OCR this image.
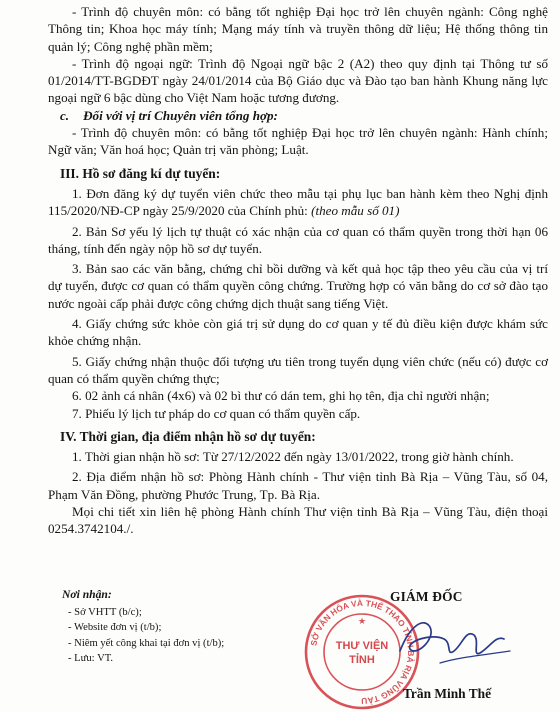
- Trình độ chuyên môn: có bằng tốt nghiệp Đại học trở lên chuyên ngành: Công nghệ Thông tin; Khoa học máy tính; Mạng máy tính và truyền thông dữ liệu; Hệ thống thông tin quản lý; Công nghệ phần mềm;

- Trình độ ngoại ngữ: Trình độ Ngoại ngữ bậc 2 (A2) theo quy định tại Thông tư số 01/2014/TT-BGDĐT ngày 24/01/2014 của Bộ Giáo dục và Đào tạo ban hành Khung năng lực ngoại ngữ 6 bậc dùng cho Việt Nam hoặc tương đương.

c. Đối với vị trí Chuyên viên tổng hợp:

- Trình độ chuyên môn: có bằng tốt nghiệp Đại học trở lên chuyên ngành: Hành chính; Ngữ văn; Văn hoá học; Quản trị văn phòng; Luật.

III. Hồ sơ đăng kí dự tuyển:

1. Đơn đăng ký dự tuyển viên chức theo mẫu tại phụ lục ban hành kèm theo Nghị định 115/2020/NĐ-CP ngày 25/9/2020 của Chính phủ: (theo mẫu số 01)

2. Bản Sơ yếu lý lịch tự thuật có xác nhận của cơ quan có thẩm quyền trong thời hạn 06 tháng, tính đến ngày nộp hồ sơ dự tuyển.

3. Bản sao các văn bằng, chứng chỉ bồi dưỡng và kết quả học tập theo yêu cầu của vị trí dự tuyển, được cơ quan có thẩm quyền công chứng. Trường hợp có văn bằng do cơ sở đào tạo nước ngoài cấp phải được công chứng dịch thuật sang tiếng Việt.

4. Giấy chứng sức khỏe còn giá trị sử dụng do cơ quan y tế đủ điều kiện được khám sức khỏe chứng nhận.

5. Giấy chứng nhận thuộc đối tượng ưu tiên trong tuyển dụng viên chức (nếu có) được cơ quan có thẩm quyền chứng thực;

6. 02 ảnh cá nhân (4x6) và 02 bì thư có dán tem, ghi họ tên, địa chỉ người nhận;

7. Phiếu lý lịch tư pháp do cơ quan có thẩm quyền cấp.

IV. Thời gian, địa điểm nhận hồ sơ dự tuyển:

1. Thời gian nhận hồ sơ: Từ 27/12/2022 đến ngày 13/01/2022, trong giờ hành chính.

2. Địa điểm nhận hồ sơ: Phòng Hành chính - Thư viện tỉnh Bà Rịa – Vũng Tàu, số 04, Phạm Văn Đồng, phường Phước Trung, Tp. Bà Rịa.

Mọi chi tiết xin liên hệ phòng Hành chính Thư viện tỉnh Bà Rịa – Vũng Tàu, điện thoại 0254.3742104./.

Nơi nhận:
- Sở VHTT (b/c);
- Website đơn vị (t/b);
- Niêm yết công khai tại đơn vị (t/b);
- Lưu: VT.
SỞ VĂN HÓA VÀ THỂ THAO TỈNH BÀ RỊA VŨNG TÀU
THƯ VIỆN
TỈNH
★
GIÁM ĐỐC
Trần Minh Thế
